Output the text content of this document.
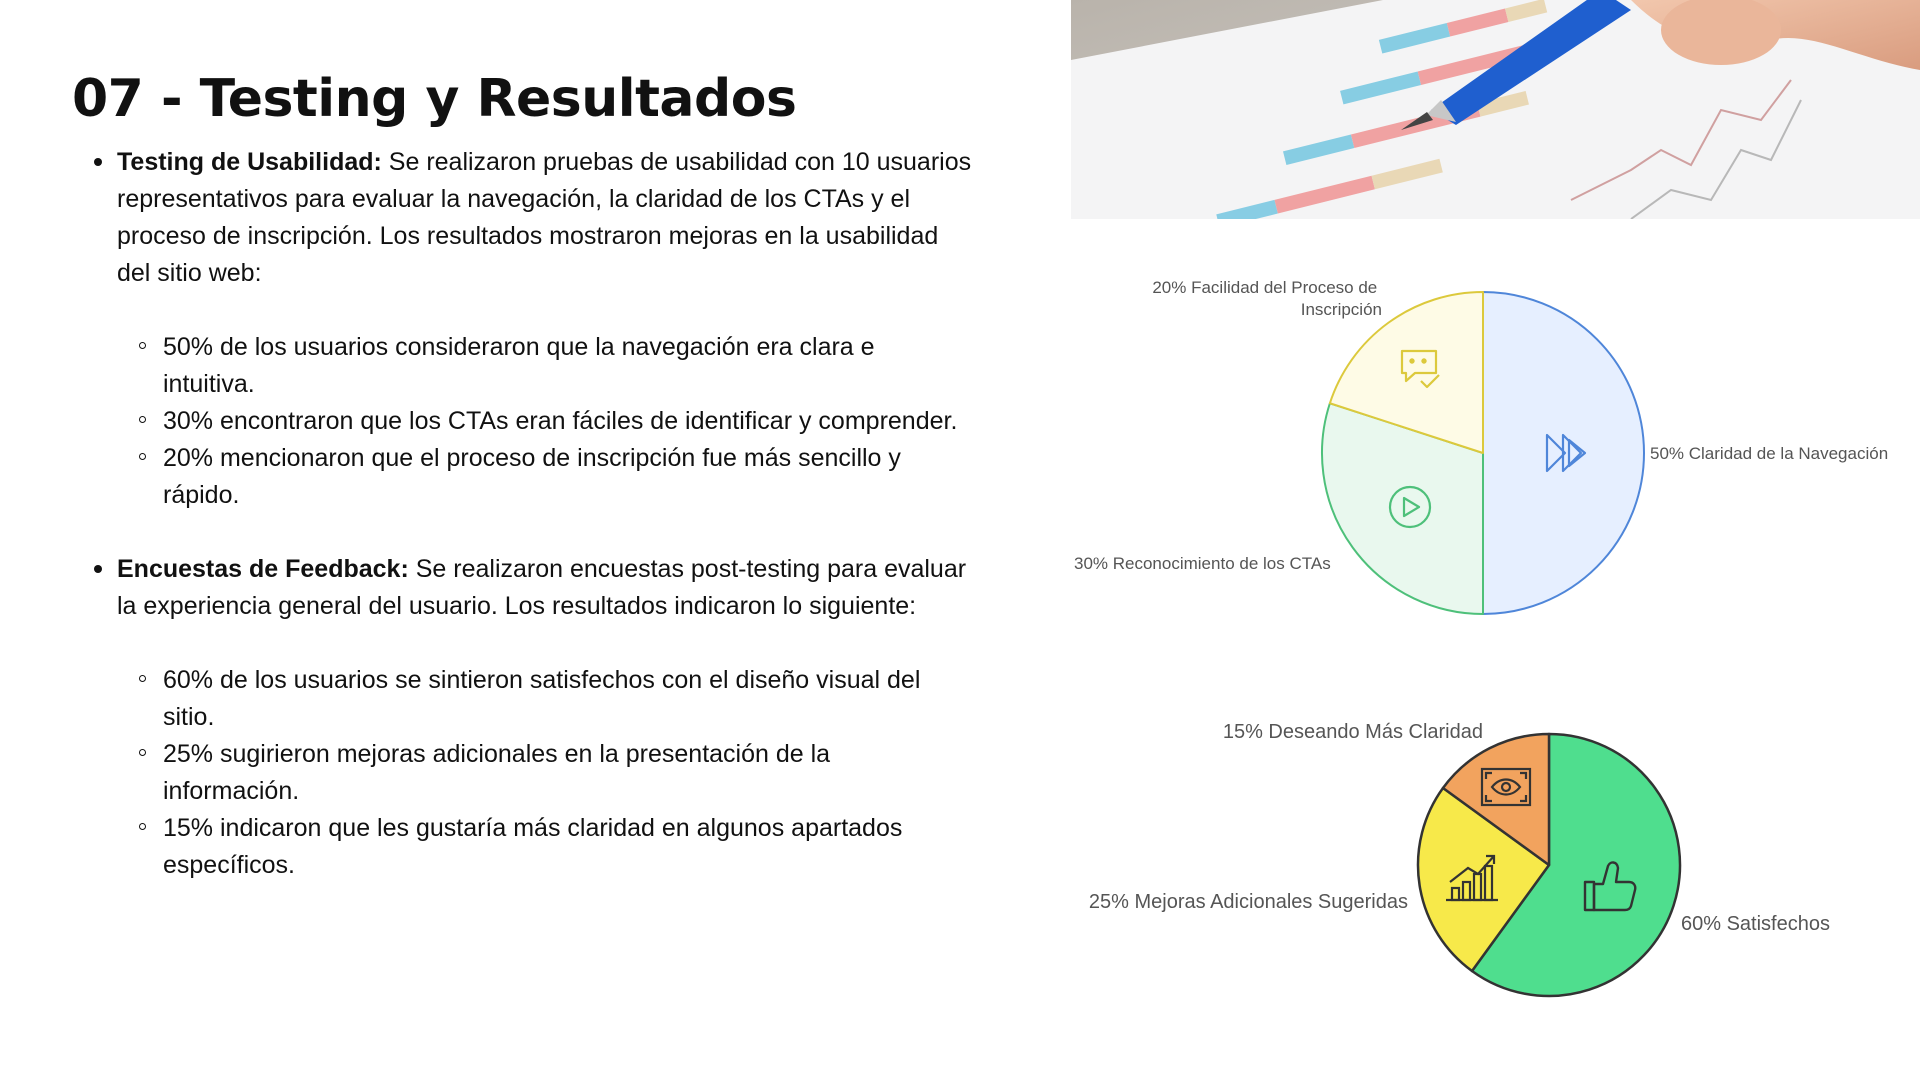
07 - Testing y Resultados
Testing de Usabilidad: Se realizaron pruebas de usabilidad con 10 usuarios representativos para evaluar la navegación, la claridad de los CTAs y el proceso de inscripción. Los resultados mostraron mejoras en la usabilidad del sitio web:
50% de los usuarios consideraron que la navegación era clara e intuitiva.
30% encontraron que los CTAs eran fáciles de identificar y comprender.
20% mencionaron que el proceso de inscripción fue más sencillo y rápido.
Encuestas de Feedback: Se realizaron encuestas post-testing para evaluar la experiencia general del usuario. Los resultados indicaron lo siguiente:
60% de los usuarios se sintieron satisfechos con el diseño visual del sitio.
25% sugirieron mejoras adicionales en la presentación de la información.
15% indicaron que les gustaría más claridad en algunos apartados específicos.
50% Claridad de la Navegación
30% Reconocimiento de los CTAs
20% Facilidad del Proceso de Inscripción
60% Satisfechos
25% Mejoras Adicionales Sugeridas
15% Deseando Más Claridad
